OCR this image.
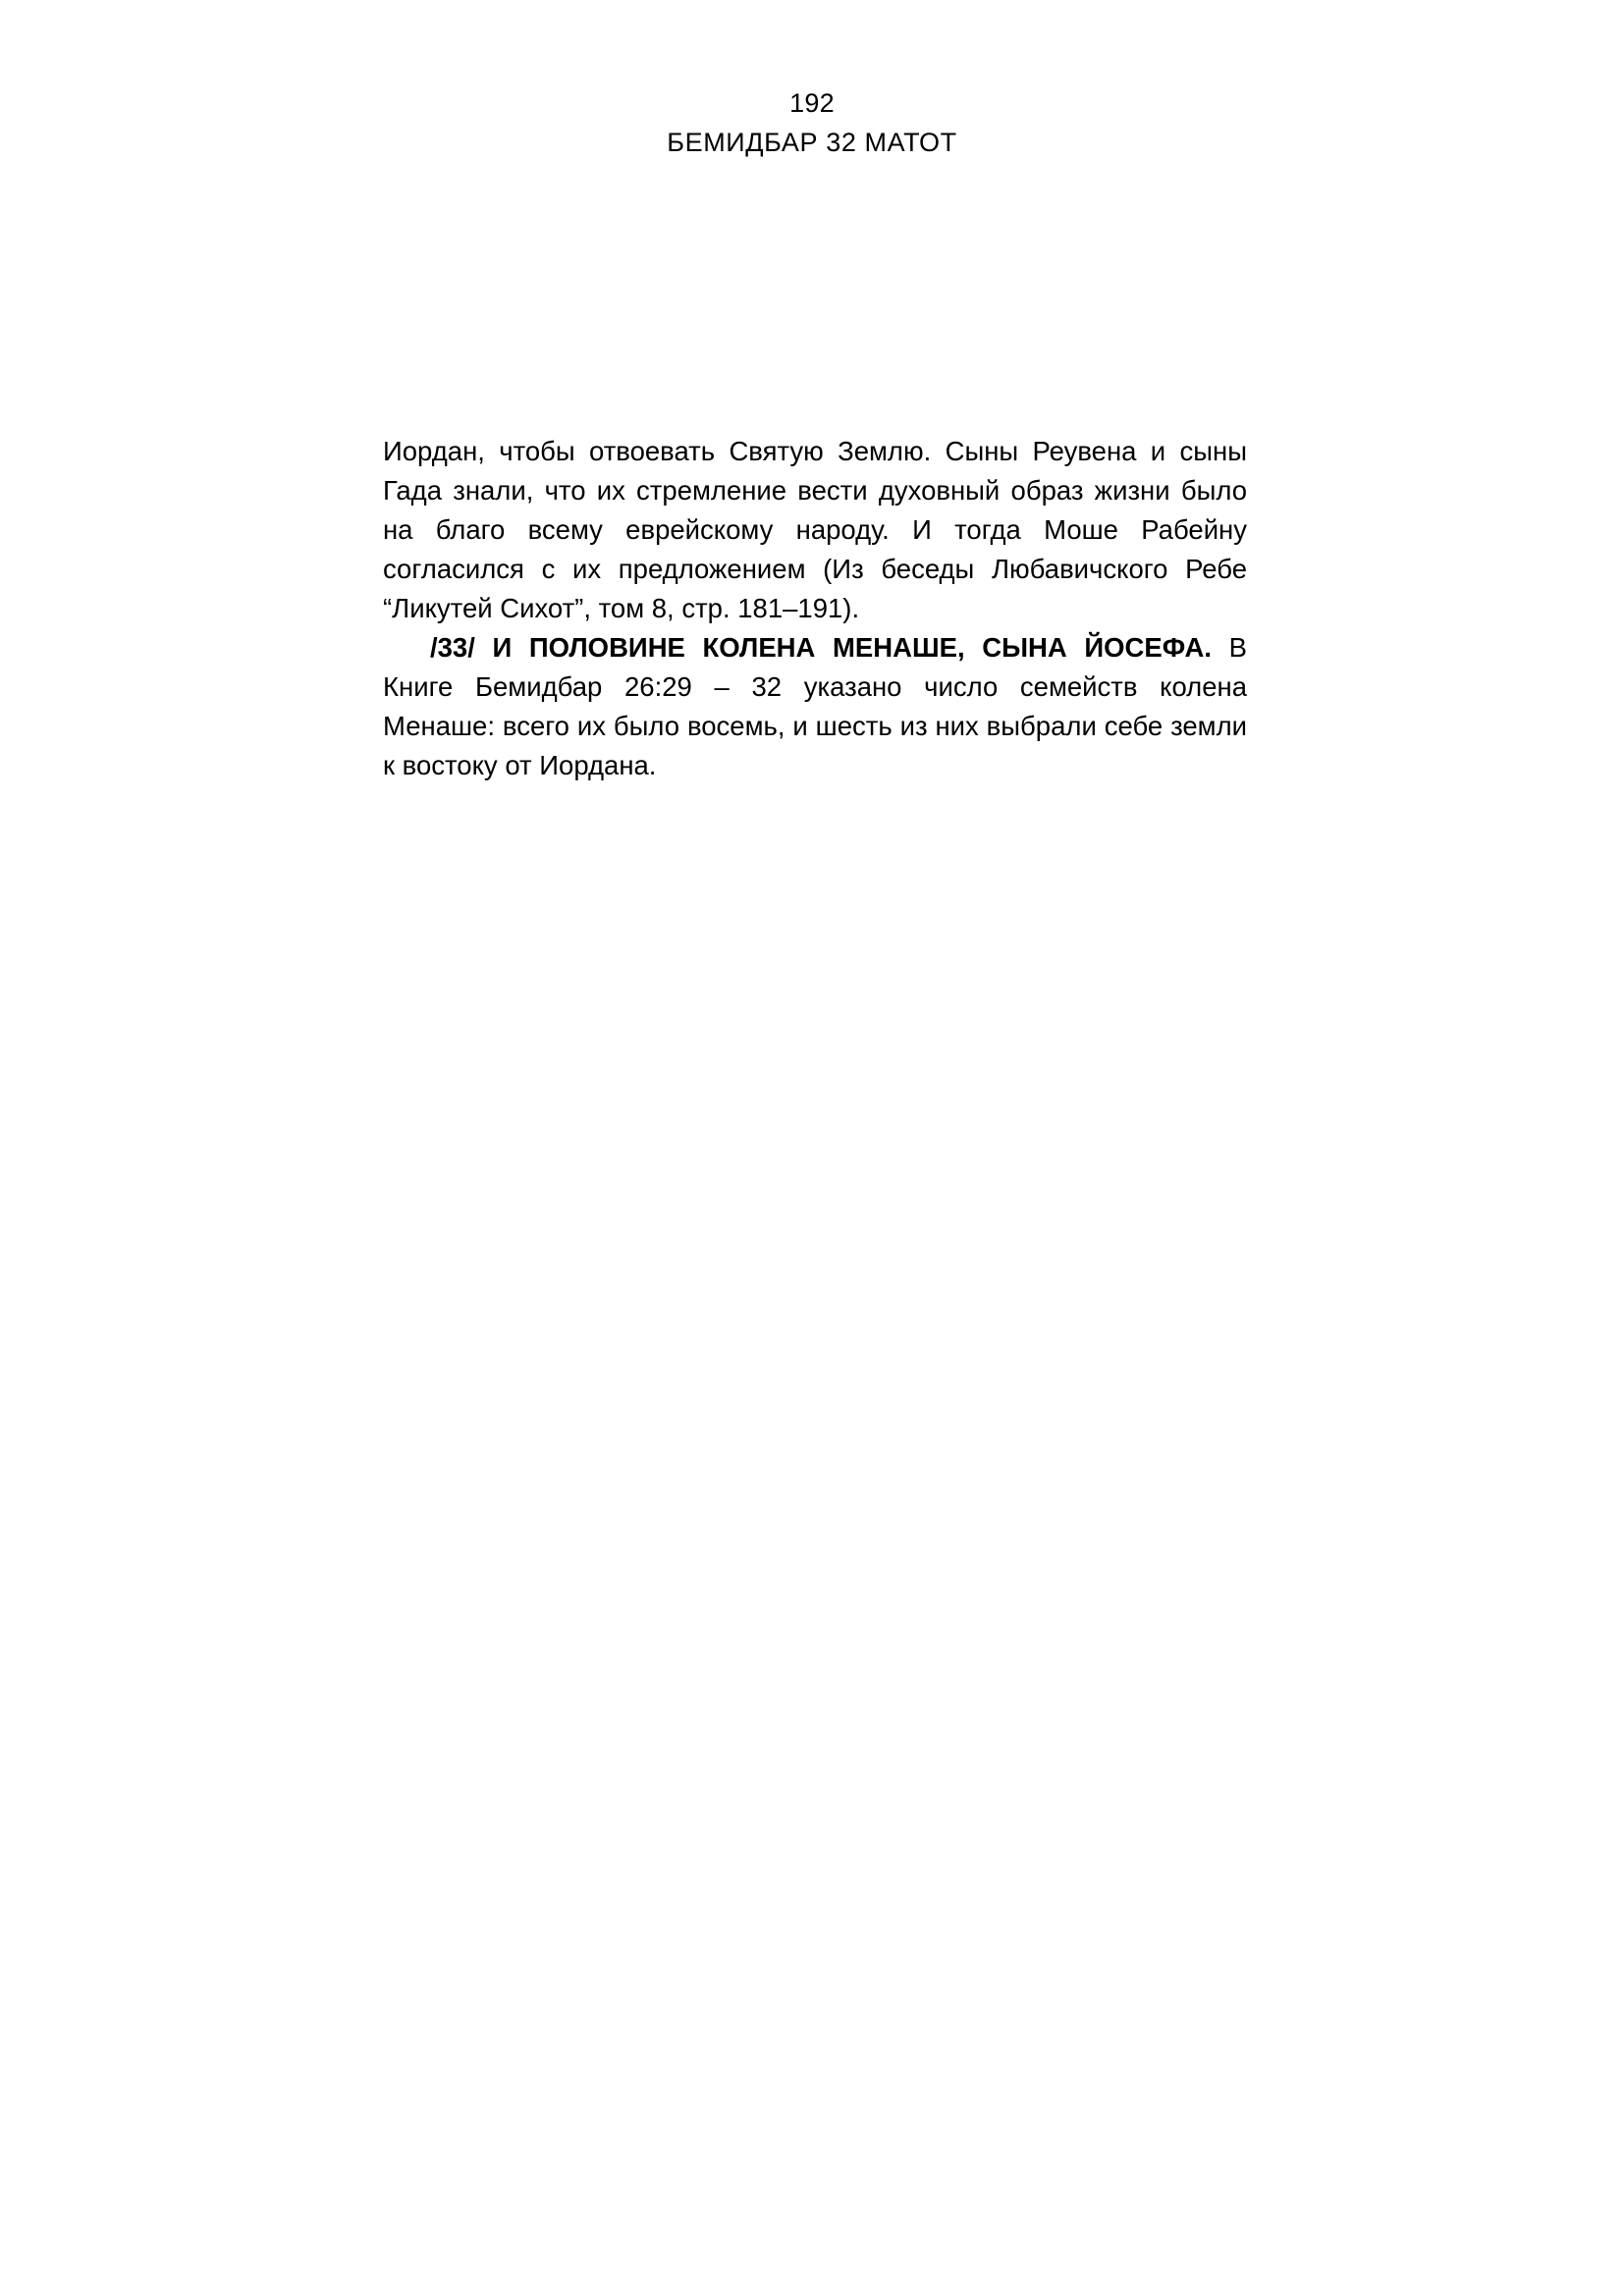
192
БЕМИДБАР 32 МАТОТ

Иордан, чтобы отвоевать Святую Землю. Сыны Реувена и сыны Гада знали, что их стремление вести духовный образ жизни было на благо всему еврейскому народу. И тогда Моше Рабейну согласился с их предложением (Из беседы Любавичского Ребе “Ликутей Сихот”, том 8, стр. 181–191).

/33/ И ПОЛОВИНЕ КОЛЕНА МЕНАШЕ, СЫНА ЙОСЕФА. В Книге Бемидбар 26:29 – 32 указано число семейств колена Менаше: всего их было восемь, и шесть из них выбрали себе земли к востоку от Иордана.
